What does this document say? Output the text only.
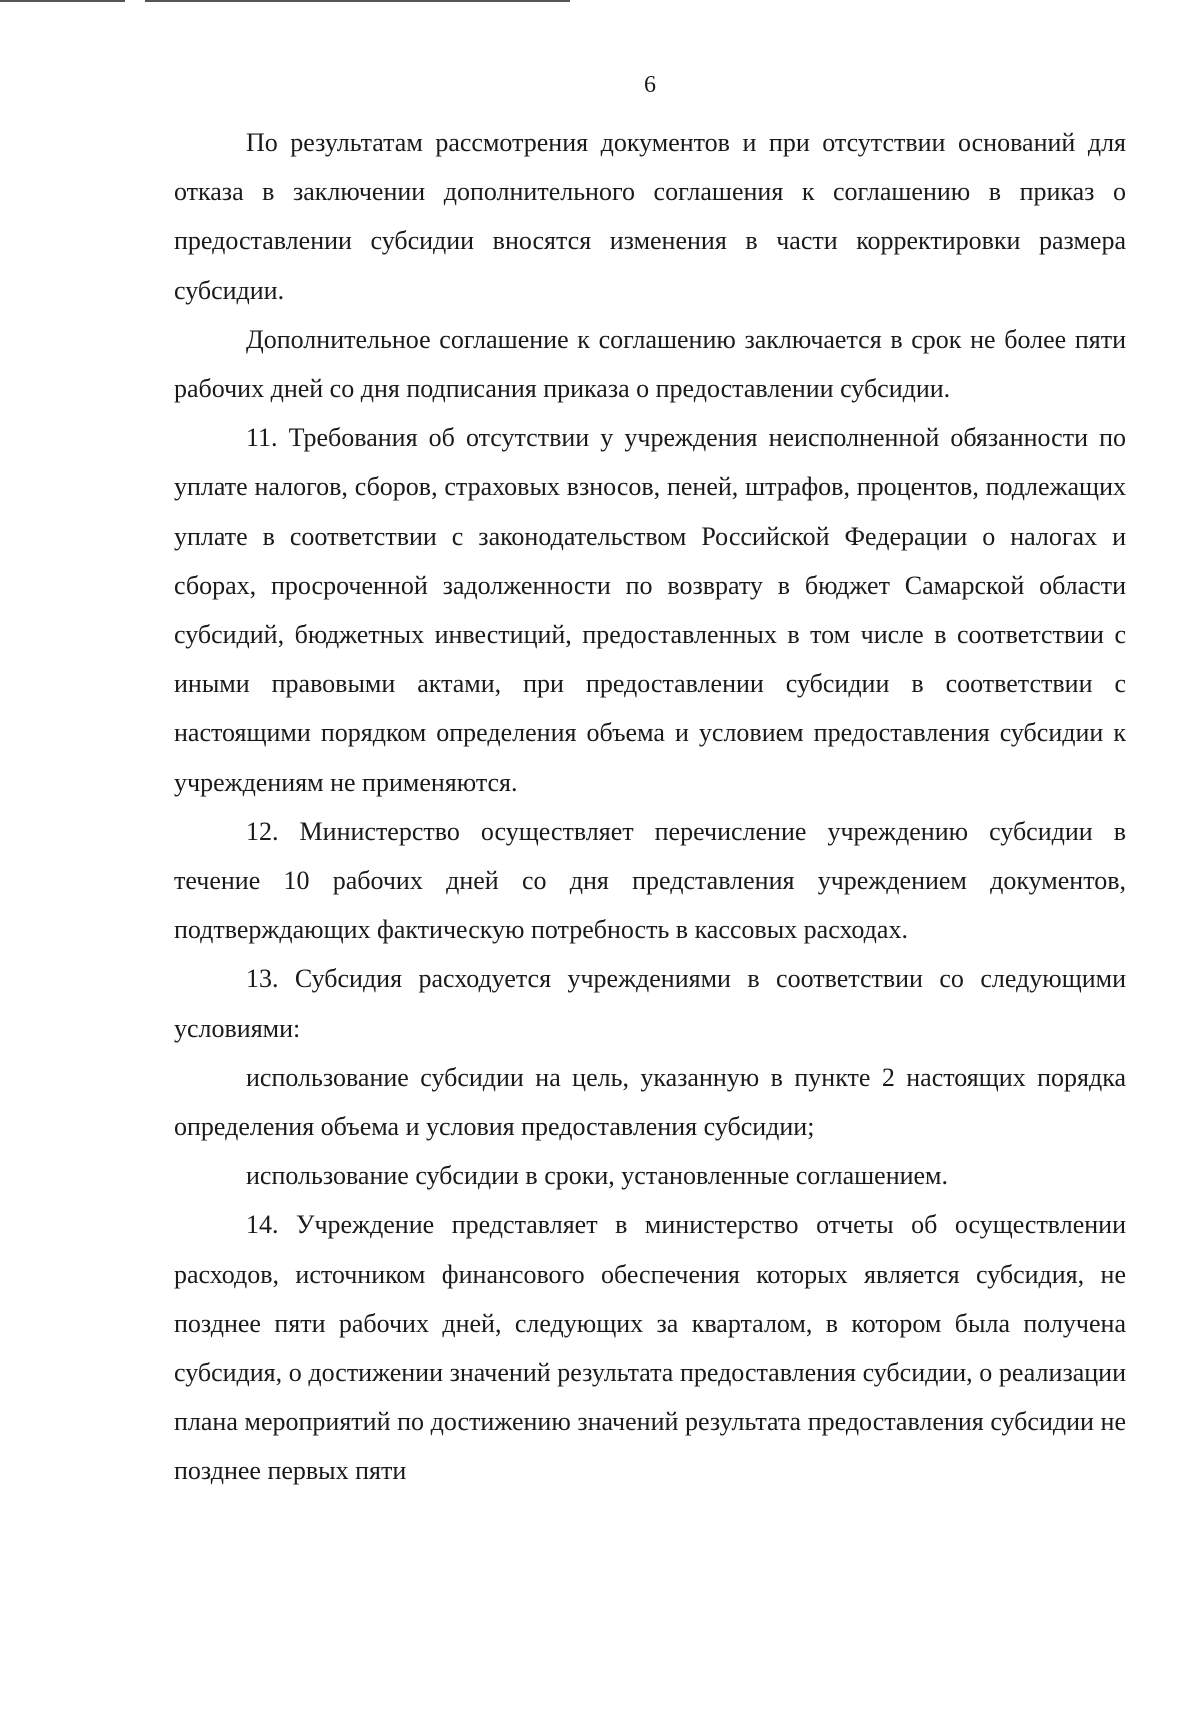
6

По результатам рассмотрения документов и при отсутствии оснований для отказа в заключении дополнительного соглашения к соглашению в приказ о предоставлении субсидии вносятся изменения в части корректировки размера субсидии.

Дополнительное соглашение к соглашению заключается в срок не более пяти рабочих дней со дня подписания приказа о предоставлении субсидии.

11. Требования об отсутствии у учреждения неисполненной обязанности по уплате налогов, сборов, страховых взносов, пеней, штрафов, процентов, подлежащих уплате в соответствии с законодательством Российской Федерации о налогах и сборах, просроченной задолженности по возврату в бюджет Самарской области субсидий, бюджетных инвестиций, предоставленных в том числе в соответствии с иными правовыми актами, при предоставлении субсидии в соответствии с настоящими порядком определения объема и условием предоставления субсидии к учреждениям не применяются.

12. Министерство осуществляет перечисление учреждению субсидии в течение 10 рабочих дней со дня представления учреждением документов, подтверждающих фактическую потребность в кассовых расходах.

13. Субсидия расходуется учреждениями в соответствии со следующими условиями:

использование субсидии на цель, указанную в пункте 2 настоящих порядка определения объема и условия предоставления субсидии;

использование субсидии в сроки, установленные соглашением.

14. Учреждение представляет в министерство отчеты об осуществлении расходов, источником финансового обеспечения которых является субсидия, не позднее пяти рабочих дней, следующих за кварталом, в котором была получена субсидия, о достижении значений результата предоставления субсидии, о реализации плана мероприятий по достижению значений результата предоставления субсидии не позднее первых пяти
